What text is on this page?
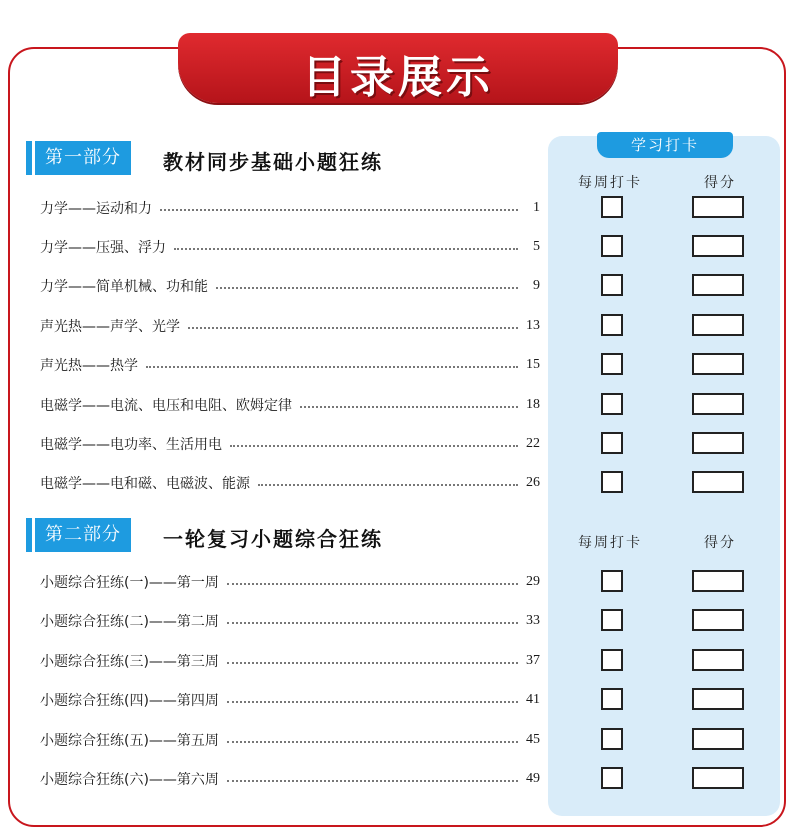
目录展示
学习打卡
每周打卡	得分
每周打卡	得分
第一部分	教材同步基础小题狂练
第二部分	一轮复习小题综合狂练
力学——运动和力	1
力学——压强、浮力	5
力学——简单机械、功和能	9
声光热——声学、光学	13
声光热——热学	15
电磁学——电流、电压和电阻、欧姆定律	18
电磁学——电功率、生活用电	22
电磁学——电和磁、电磁波、能源	26
小题综合狂练(一)——第一周	29
小题综合狂练(二)——第二周	33
小题综合狂练(三)——第三周	37
小题综合狂练(四)——第四周	41
小题综合狂练(五)——第五周	45
小题综合狂练(六)——第六周	49
